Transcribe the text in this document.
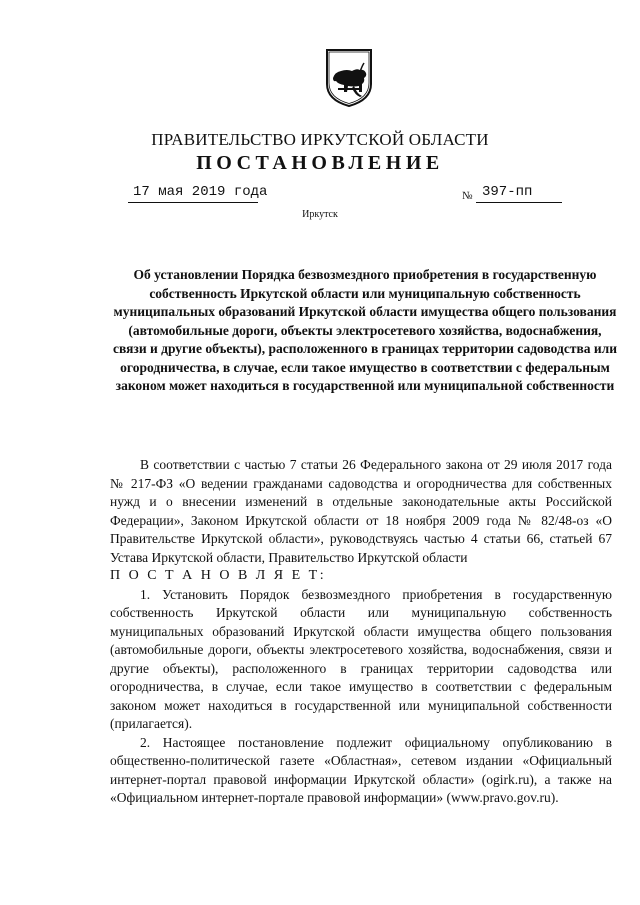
ПРАВИТЕЛЬСТВО ИРКУТСКОЙ ОБЛАСТИ
ПОСТАНОВЛЕНИЕ
17 мая 2019 года	№ 397-пп
Иркутск
Об установлении Порядка безвозмездного приобретения в государственную собственность Иркутской области или муниципальную собственность муниципальных образований Иркутской области имущества общего пользования (автомобильные дороги, объекты электросетевого хозяйства, водоснабжения, связи и другие объекты), расположенного в границах территории садоводства или огородничества, в случае, если такое имущество в соответствии с федеральным законом может находиться в государственной или муниципальной собственности

В соответствии с частью 7 статьи 26 Федерального закона от 29 июля 2017 года № 217-ФЗ «О ведении гражданами садоводства и огородничества для собственных нужд и о внесении изменений в отдельные законодательные акты Российской Федерации», Законом Иркутской области от 18 ноября 2009 года № 82/48-оз «О Правительстве Иркутской области», руководствуясь частью 4 статьи 66, статьей 67 Устава Иркутской области, Правительство Иркутской области

П О С Т А Н О В Л Я Е Т:

1. Установить Порядок безвозмездного приобретения в государственную собственность Иркутской области или муниципальную собственность муниципальных образований Иркутской области имущества общего пользования (автомобильные дороги, объекты электросетевого хозяйства, водоснабжения, связи и другие объекты), расположенного в границах территории садоводства или огородничества, в случае, если такое имущество в соответствии с федеральным законом может находиться в государственной или муниципальной собственности (прилагается).

2. Настоящее постановление подлежит официальному опубликованию в общественно-политической газете «Областная», сетевом издании «Официальный интернет-портал правовой информации Иркутской области» (ogirk.ru), а также на «Официальном интернет-портале правовой информации» (www.pravo.gov.ru).
